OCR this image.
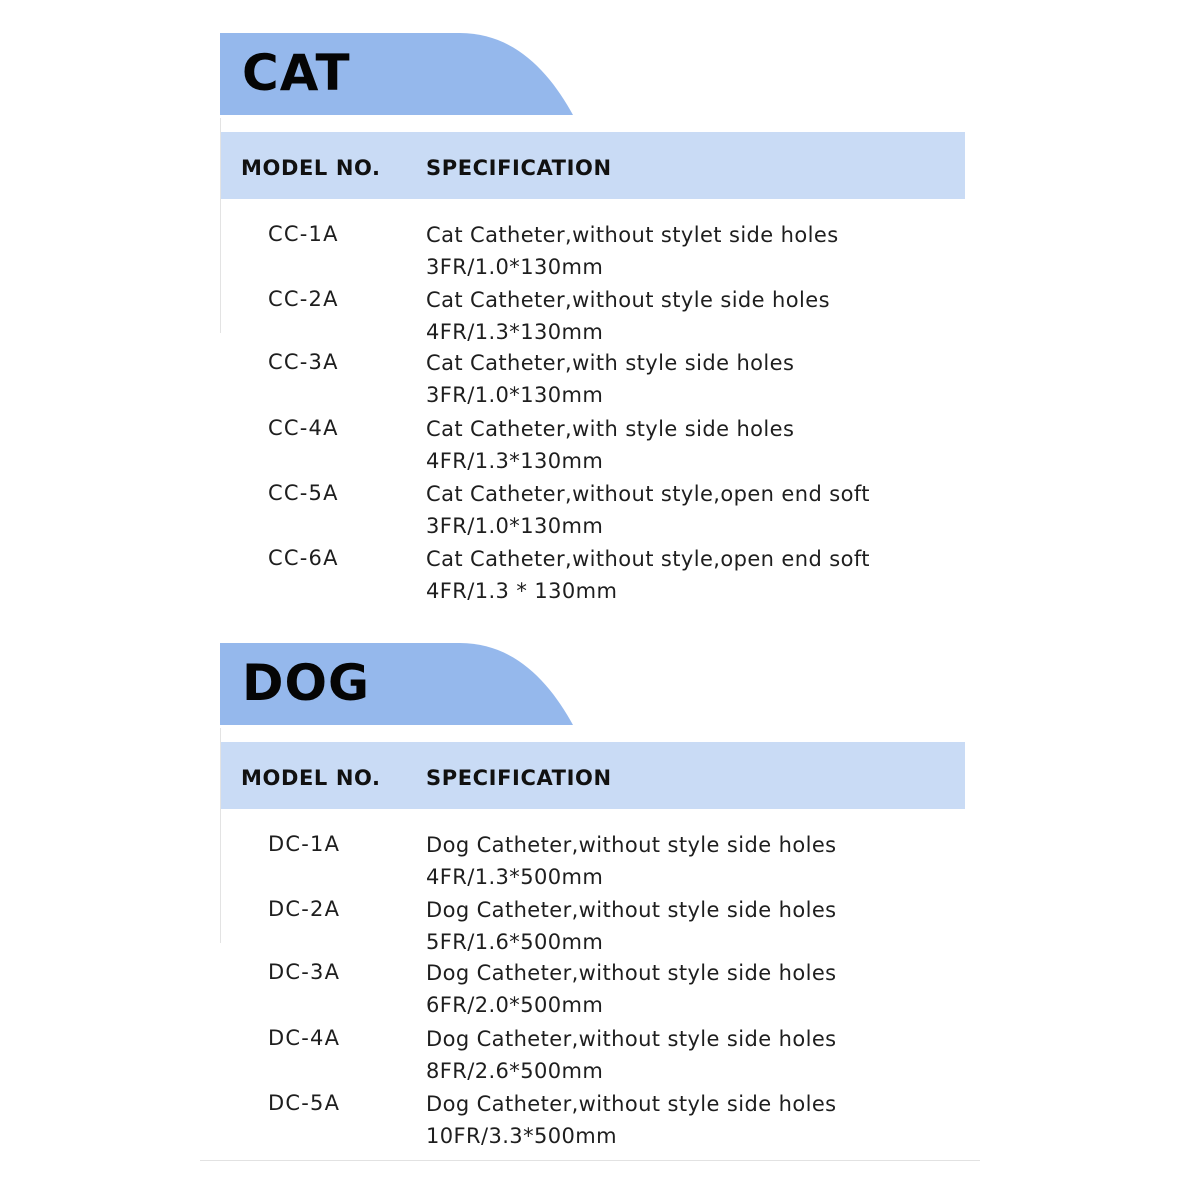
CAT
MODEL NO. SPECIFICATION
CC-1A	Cat Catheter,without stylet side holes
3FR/1.0*130mm
CC-2A	Cat Catheter,without style side holes
4FR/1.3*130mm
CC-3A	Cat Catheter,with style side holes
3FR/1.0*130mm
CC-4A	Cat Catheter,with style side holes
4FR/1.3*130mm
CC-5A	Cat Catheter,without style,open end soft
3FR/1.0*130mm
CC-6A	Cat Catheter,without style,open end soft
4FR/1.3 * 130mm
DOG
MODEL NO. SPECIFICATION
DC-1A	Dog Catheter,without style side holes
4FR/1.3*500mm
DC-2A	Dog Catheter,without style side holes
5FR/1.6*500mm
DC-3A	Dog Catheter,without style side holes
6FR/2.0*500mm
DC-4A	Dog Catheter,without style side holes
8FR/2.6*500mm
DC-5A	Dog Catheter,without style side holes
10FR/3.3*500mm
